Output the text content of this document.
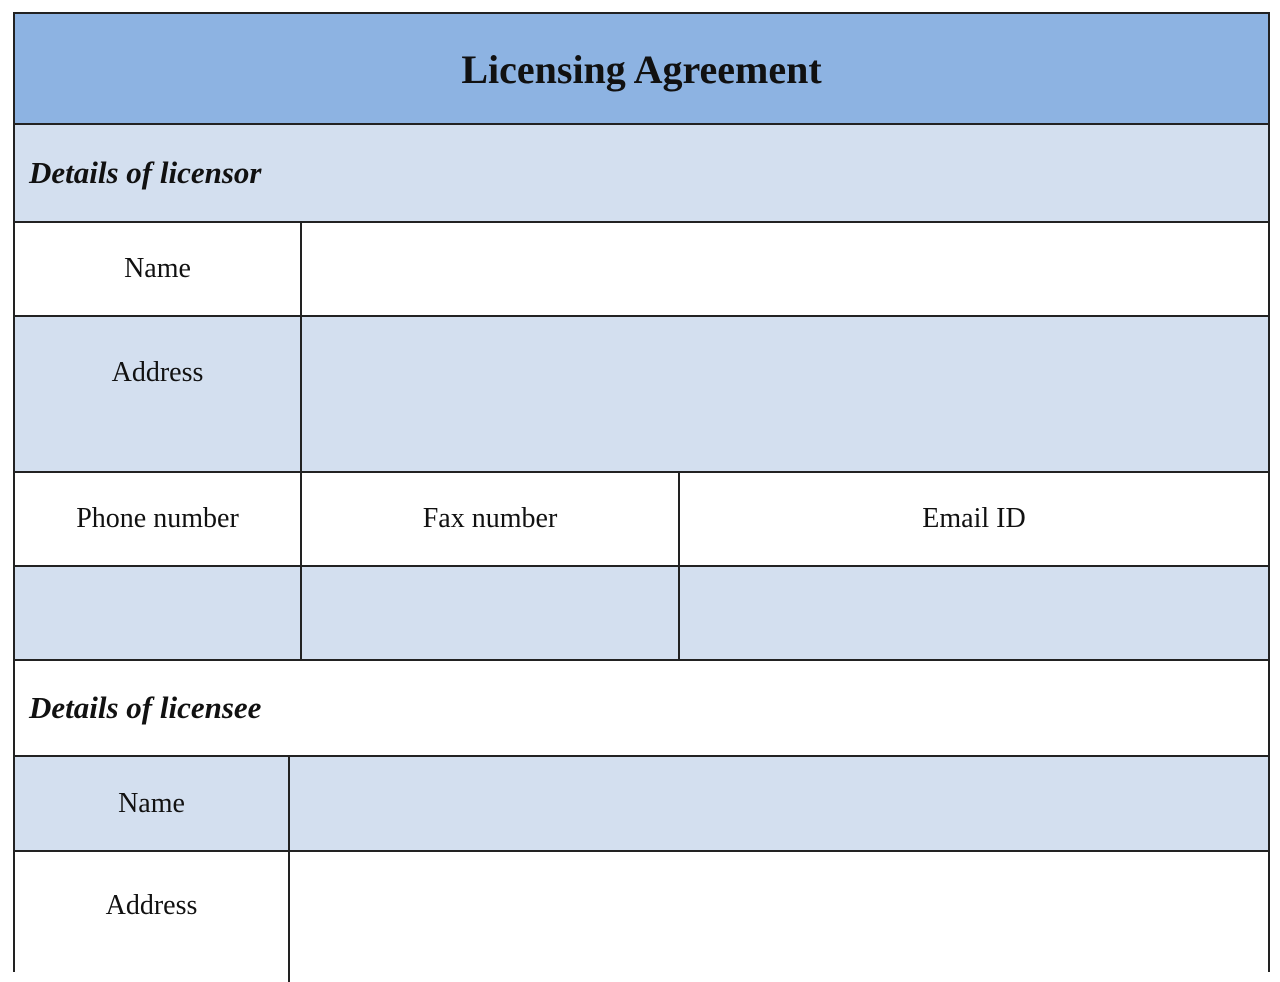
Licensing Agreement
Details of licensor
Name
Address
Phone number	Fax number	Email ID
Details of licensee
Name
Address
